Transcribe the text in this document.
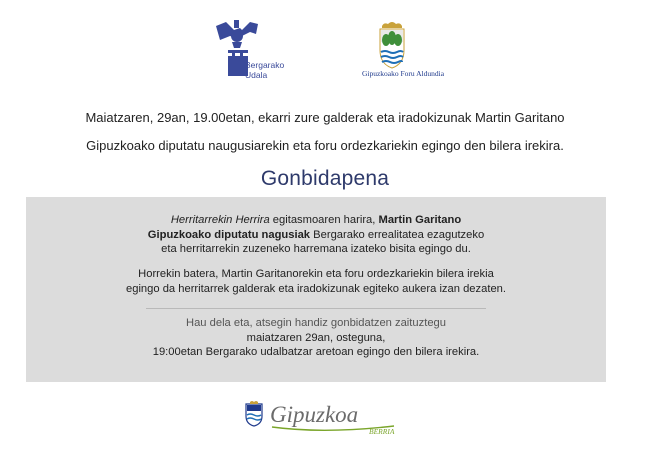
Bergarako
Udala	Gipuzkoako Foru Aldundia
Maiatzaren, 29an, 19.00etan, ekarri zure galderak eta iradokizunak Martin Garitano
Gipuzkoako diputatu naugusiarekin eta foru ordezkariekin egingo den bilera irekira.
Gonbidapena
Herritarrekin Herrira egitasmoaren harira, Martin Garitano
Gipuzkoako diputatu nagusiak Bergarako errealitatea ezagutzeko
eta herritarrekin zuzeneko harremana izateko bisita egingo du.
Horrekin batera, Martin Garitanorekin eta foru ordezkariekin bilera irekia
egingo da herritarrek galderak eta iradokizunak egiteko aukera izan dezaten.
Hau dela eta, atsegin handiz gonbidatzen zaituztegu
maiatzaren 29an, osteguna,
19:00etan Bergarako udalbatzar aretoan egingo den bilera irekira.
Gipuzkoa
BERRIA
